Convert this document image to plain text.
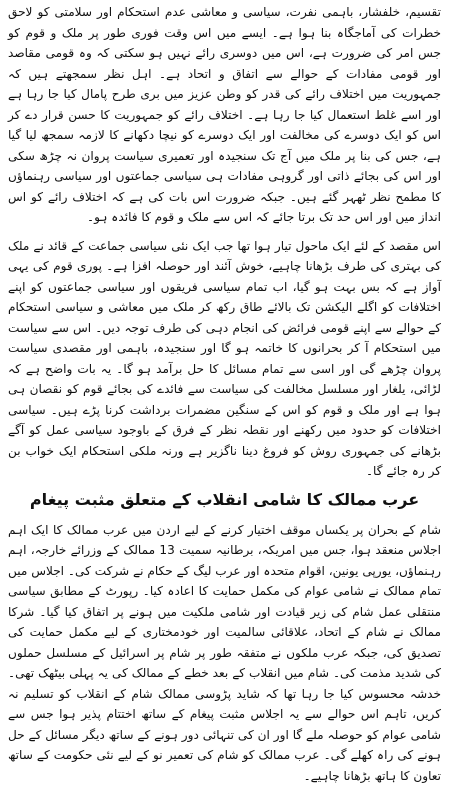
تقسیم، خلفشار، باہمی نفرت، سیاسی و معاشی عدم استحکام اور سلامتی کو لاحق خطرات کی آماجگاہ بنا ہوا ہے۔ ایسے میں اس وقت فوری طور پر ملک و قوم کو جس امر کی ضرورت ہے، اس میں دوسری رائے نہیں ہو سکتی کہ وہ قومی مقاصد اور قومی مفادات کے حوالے سے اتفاق و اتحاد ہے۔ اہل نظر سمجھتے ہیں کہ جمہوریت میں اختلاف رائے کی قدر کو وطن عزیز میں بری طرح پامال کیا جا رہا ہے اور اسے غلط استعمال کیا جا رہا ہے۔ اختلاف رائے کو جمہوریت کا حسن قرار دے کر اس کو ایک دوسرے کی مخالفت اور ایک دوسرے کو نیچا دکھانے کا لازمہ سمجھ لیا گیا ہے، جس کی بنا پر ملک میں آج تک سنجیدہ اور تعمیری سیاست پروان نہ چڑھ سکی اور اس کی بجائے ذاتی اور گروہی مفادات ہی سیاسی جماعتوں اور سیاسی رہنماؤں کا مطمح نظر ٹھہر گئے ہیں۔ جبکہ ضرورت اس بات کی ہے کہ اختلاف رائے کو اس انداز میں اور اس حد تک برتا جائے کہ اس سے ملک و قوم کا فائدہ ہو۔

اس مقصد کے لئے ایک ماحول تیار ہوا تھا جب ایک نئی سیاسی جماعت کے قائد نے ملک کی بہتری کی طرف بڑھانا چاہیے، خوش آئند اور حوصلہ افزا ہے۔ پوری قوم کی یہی آواز ہے کہ بس بہت ہو گیا، اب تمام سیاسی فریقوں اور سیاسی جماعتوں کو اپنے اختلافات کو اگلے الیکشن تک بالائے طاق رکھ کر ملک میں معاشی و سیاسی استحکام کے حوالے سے اپنے قومی فرائض کی انجام دہی کی طرف توجہ دیں۔ اس سے سیاست میں استحکام آ کر بحرانوں کا خاتمہ ہو گا اور سنجیدہ، باہمی اور مقصدی سیاست پروان چڑھے گی اور اسی سے تمام مسائل کا حل برآمد ہو گا۔ یہ بات واضح ہے کہ لڑائی، یلغار اور مسلسل مخالفت کی سیاست سے فائدے کی بجائے قوم کو نقصان ہی ہوا ہے اور ملک و قوم کو اس کے سنگین مضمرات برداشت کرنا پڑے ہیں۔ سیاسی اختلافات کو حدود میں رکھنے اور نقطہ نظر کے فرق کے باوجود سیاسی عمل کو آگے بڑھانے کی جمہوری روش کو فروغ دینا ناگزیر ہے ورنہ ملکی استحکام ایک خواب بن کر رہ جائے گا۔

عرب ممالک کا شامی انقلاب کے متعلق مثبت پیغام

شام کے بحران پر یکساں موقف اختیار کرنے کے لیے اردن میں عرب ممالک کا ایک اہم اجلاس منعقد ہوا، جس میں امریکہ، برطانیہ سمیت 13 ممالک کے وزرائے خارجہ، اہم رہنماؤں، یورپی یونین، اقوام متحدہ اور عرب لیگ کے حکام نے شرکت کی۔ اجلاس میں تمام ممالک نے شامی عوام کی مکمل حمایت کا اعادہ کیا۔ رپورٹ کے مطابق سیاسی منتقلی عمل شام کی زیر قیادت اور شامی ملکیت میں ہونے پر اتفاق کیا گیا۔ شرکا ممالک نے شام کے اتحاد، علاقائی سالمیت اور خودمختاری کے لیے مکمل حمایت کی تصدیق کی، جبکہ عرب ملکوں نے متفقہ طور پر شام پر اسرائیل کے مسلسل حملوں کی شدید مذمت کی۔ شام میں انقلاب کے بعد خطے کے ممالک کی یہ پہلی بیٹھک تھی۔ خدشہ محسوس کیا جا رہا تھا کہ شاید پڑوسی ممالک شام کے انقلاب کو تسلیم نہ کریں، تاہم اس حوالے سے یہ اجلاس مثبت پیغام کے ساتھ اختتام پذیر ہوا جس سے شامی عوام کو حوصلہ ملے گا اور ان کی تنہائی دور ہونے کے ساتھ دیگر مسائل کے حل ہونے کی راہ کھلے گی۔ عرب ممالک کو شام کی تعمیر نو کے لیے نئی حکومت کے ساتھ تعاون کا ہاتھ بڑھانا چاہیے۔
